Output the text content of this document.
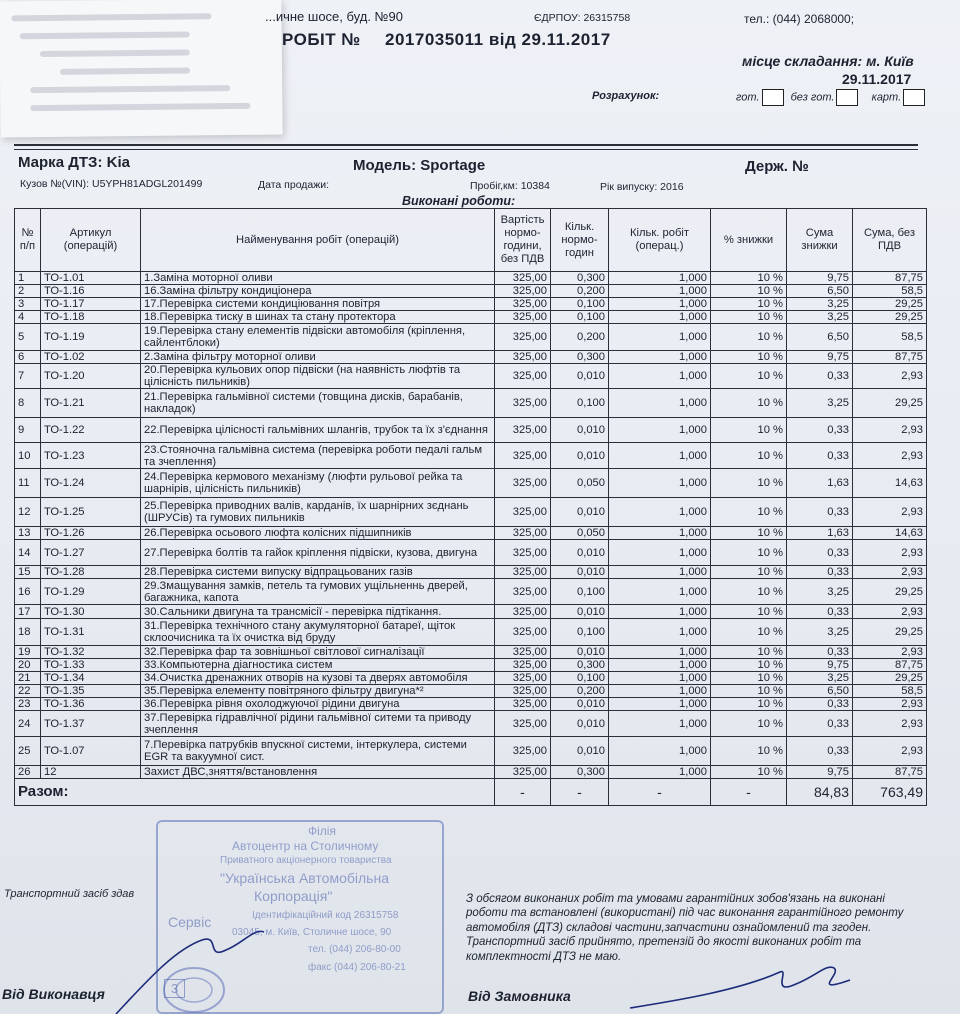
...ичне шосе, буд. №90	ЄДРПОУ: 26315758	тел.: (044) 2068000;
РОБІТ № 2017035011 від 29.11.2017
місце складання: м. Київ
29.11.2017
Розрахунок:	гот.	без гот.	карт.
Марка ДТЗ: Kia	Модель: Sportage	Держ. №
Кузов №(VIN): U5YPH81ADGL201499	Дата продажи:	Пробіг,км: 10384	Рік випуску: 2016
Виконані роботи:
№ п/п	Артикул (операцій)	Найменування робіт (операцій)	Вартість нормо-години, без ПДВ	Кільк. нормо-годин	Кільк. робіт (операц.)	% знижки	Сума знижки	Сума, без ПДВ
1	ТО-1.01	1.Заміна моторної оливи	325,00	0,300	1,000	10 %	9,75	87,75
2	ТО-1.16	16.Заміна фільтру кондиціонера	325,00	0,200	1,000	10 %	6,50	58,5
3	ТО-1.17	17.Перевірка системи кондиціювання повітря	325,00	0,100	1,000	10 %	3,25	29,25
4	ТО-1.18	18.Перевірка тиску в шинах та стану протектора	325,00	0,100	1,000	10 %	3,25	29,25
5	ТО-1.19	19.Перевірка стану елементів підвіски автомобіля (кріплення, сайлентблоки)	325,00	0,200	1,000	10 %	6,50	58,5
6	ТО-1.02	2.Заміна фільтру моторної оливи	325,00	0,300	1,000	10 %	9,75	87,75
7	ТО-1.20	20.Перевірка кульових опор підвіски (на наявність люфтів та цілісність пильників)	325,00	0,010	1,000	10 %	0,33	2,93
8	ТО-1.21	21.Перевірка гальмівної системи (товщина дисків, барабанів, накладок)	325,00	0,100	1,000	10 %	3,25	29,25
9	ТО-1.22	22.Перевірка цілісності гальмівних шлангів, трубок та їх з'єднання	325,00	0,010	1,000	10 %	0,33	2,93
10	ТО-1.23	23.Стояночна гальмівна система (перевірка роботи педалі гальм та зчеплення)	325,00	0,010	1,000	10 %	0,33	2,93
11	ТО-1.24	24.Перевірка кермового механізму (люфти рульової рейка та шарнірів, цілісність пильників)	325,00	0,050	1,000	10 %	1,63	14,63
12	ТО-1.25	25.Перевірка приводних валів, карданів, їх шарнірних зєднань (ШРУСів) та гумових пильників	325,00	0,010	1,000	10 %	0,33	2,93
13	ТО-1.26	26.Перевірка осьового люфта колісних підшипників	325,00	0,050	1,000	10 %	1,63	14,63
14	ТО-1.27	27.Перевірка болтів та гайок кріплення підвіски, кузова, двигуна	325,00	0,010	1,000	10 %	0,33	2,93
15	ТО-1.28	28.Перевірка системи випуску відпрацьованих газів	325,00	0,010	1,000	10 %	0,33	2,93
16	ТО-1.29	29.Змащування замків, петель та гумових ущільненнь дверей, багажника, капота	325,00	0,100	1,000	10 %	3,25	29,25
17	ТО-1.30	30.Сальники двигуна та трансмісії - перевірка підтікання.	325,00	0,010	1,000	10 %	0,33	2,93
18	ТО-1.31	31.Перевірка технічного стану акумуляторної батареї, щіток склоочисника та їх очистка від бруду	325,00	0,100	1,000	10 %	3,25	29,25
19	ТО-1.32	32.Перевірка фар та зовнішньої світлової сигналізації	325,00	0,010	1,000	10 %	0,33	2,93
20	ТО-1.33	33.Компьютерна діагностика систем	325,00	0,300	1,000	10 %	9,75	87,75
21	ТО-1.34	34.Очистка дренажних отворів на кузові та дверях автомобіля	325,00	0,100	1,000	10 %	3,25	29,25
22	ТО-1.35	35.Перевірка елементу повітряного фільтру двигуна*²	325,00	0,200	1,000	10 %	6,50	58,5
23	ТО-1.36	36.Перевірка рівня охолоджуючої рідини двигуна	325,00	0,010	1,000	10 %	0,33	2,93
24	ТО-1.37	37.Перевірка гідравлічної рідини гальмівної ситеми та приводу зчеплення	325,00	0,010	1,000	10 %	0,33	2,93
25	ТО-1.07	7.Перевірка патрубків впускної системи, інтеркулера, системи EGR та вакуумної сист.	325,00	0,010	1,000	10 %	0,33	2,93
26	12	Захист ДВС,зняття/встановлення	325,00	0,300	1,000	10 %	9,75	87,75
Разом:			-	-	-	-	84,83	763,49
Транспортний засіб здав	З обсягом виконаних робіт та умовами гарантійних зобов'язань на виконані
роботи та встановлені (використані) під час виконання гарантійного ремонту
автомобіля (ДТЗ) складові частини,запчастини ознайомлений та згоден.
Транспортний засіб прийнято, претензій до якості виконаних робіт та
комплектності ДТЗ не маю.
Від Виконавця	Від Замовника
Філія
Автоцентр на Столичному
Приватного акціонерного товариства
"Українська Автомобільна
Корпорація"
Ідентифікаційний код 26315758
03045, м. Київ, Столичне шосе, 90
тел. (044) 206-80-00
факс (044) 206-80-21
Сервіс
3
